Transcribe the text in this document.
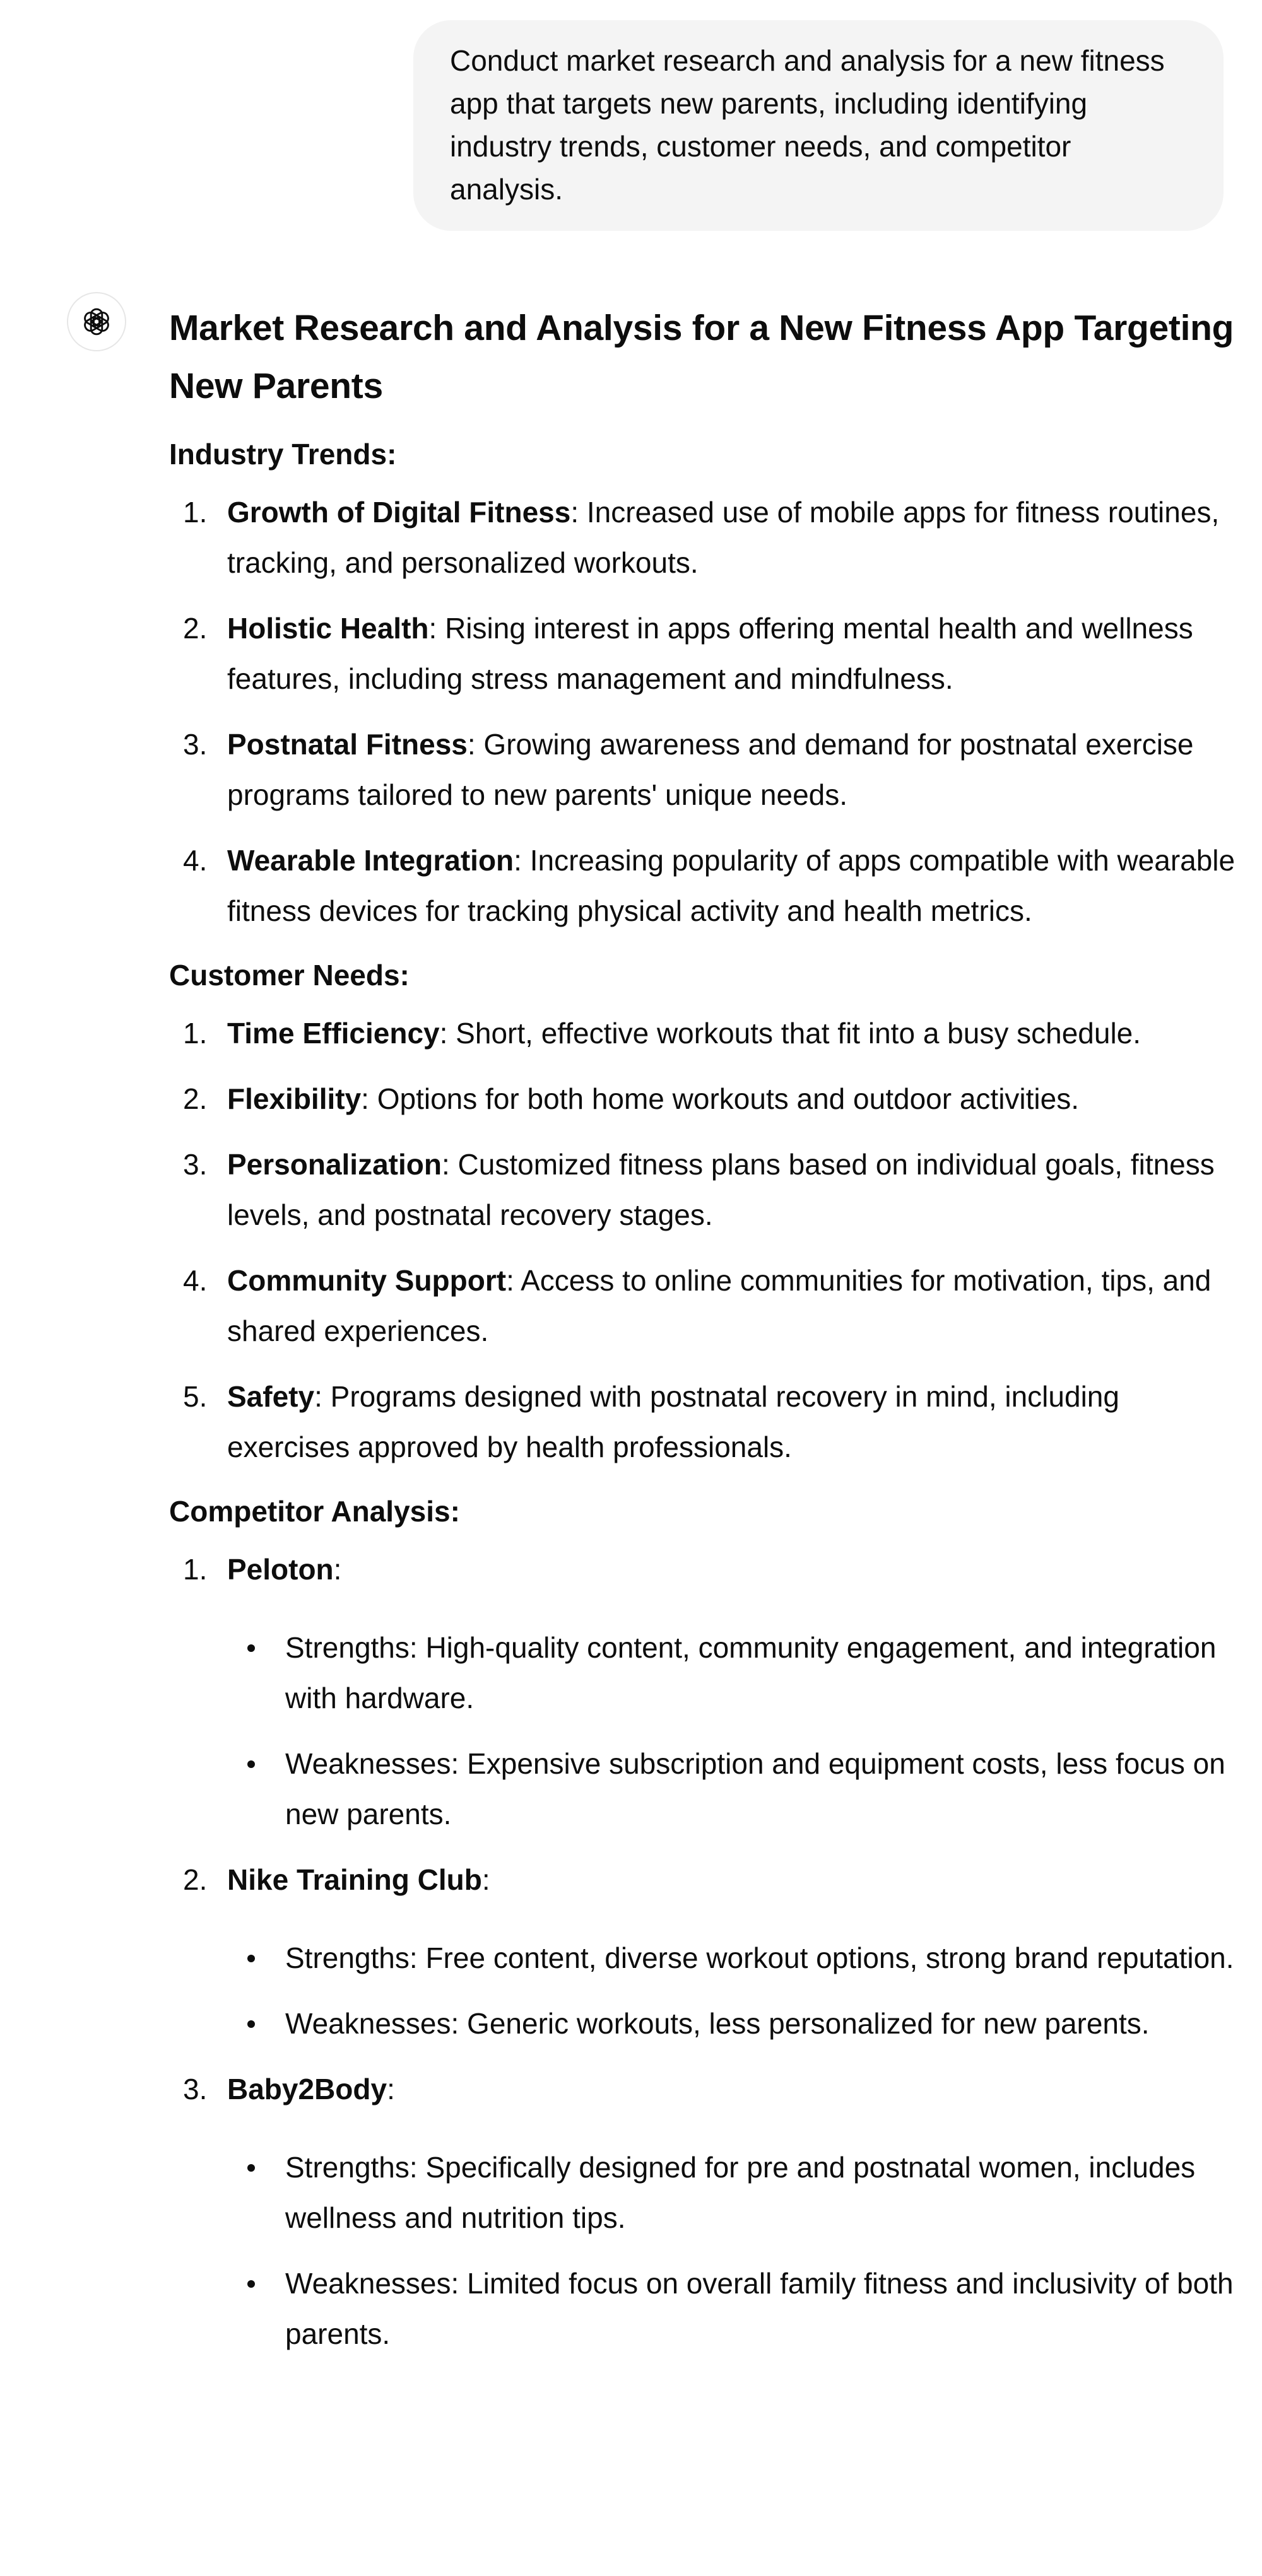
Conduct market research and analysis for a new fitness app that targets new parents, including identifying industry trends, customer needs, and competitor analysis.
Market Research and Analysis for a New Fitness App Targeting New Parents
Industry Trends:
1. Growth of Digital Fitness: Increased use of mobile apps for fitness routines, tracking, and personalized workouts.
2. Holistic Health: Rising interest in apps offering mental health and wellness features, including stress management and mindfulness.
3. Postnatal Fitness: Growing awareness and demand for postnatal exercise programs tailored to new parents' unique needs.
4. Wearable Integration: Increasing popularity of apps compatible with wearable fitness devices for tracking physical activity and health metrics.
Customer Needs:
1. Time Efficiency: Short, effective workouts that fit into a busy schedule.
2. Flexibility: Options for both home workouts and outdoor activities.
3. Personalization: Customized fitness plans based on individual goals, fitness levels, and postnatal recovery stages.
4. Community Support: Access to online communities for motivation, tips, and shared experiences.
5. Safety: Programs designed with postnatal recovery in mind, including exercises approved by health professionals.
Competitor Analysis:
1. Peloton:
Strengths: High-quality content, community engagement, and integration with hardware.
Weaknesses: Expensive subscription and equipment costs, less focus on new parents.
2. Nike Training Club:
Strengths: Free content, diverse workout options, strong brand reputation.
Weaknesses: Generic workouts, less personalized for new parents.
3. Baby2Body:
Strengths: Specifically designed for pre and postnatal women, includes wellness and nutrition tips.
Weaknesses: Limited focus on overall family fitness and inclusivity of both parents.
